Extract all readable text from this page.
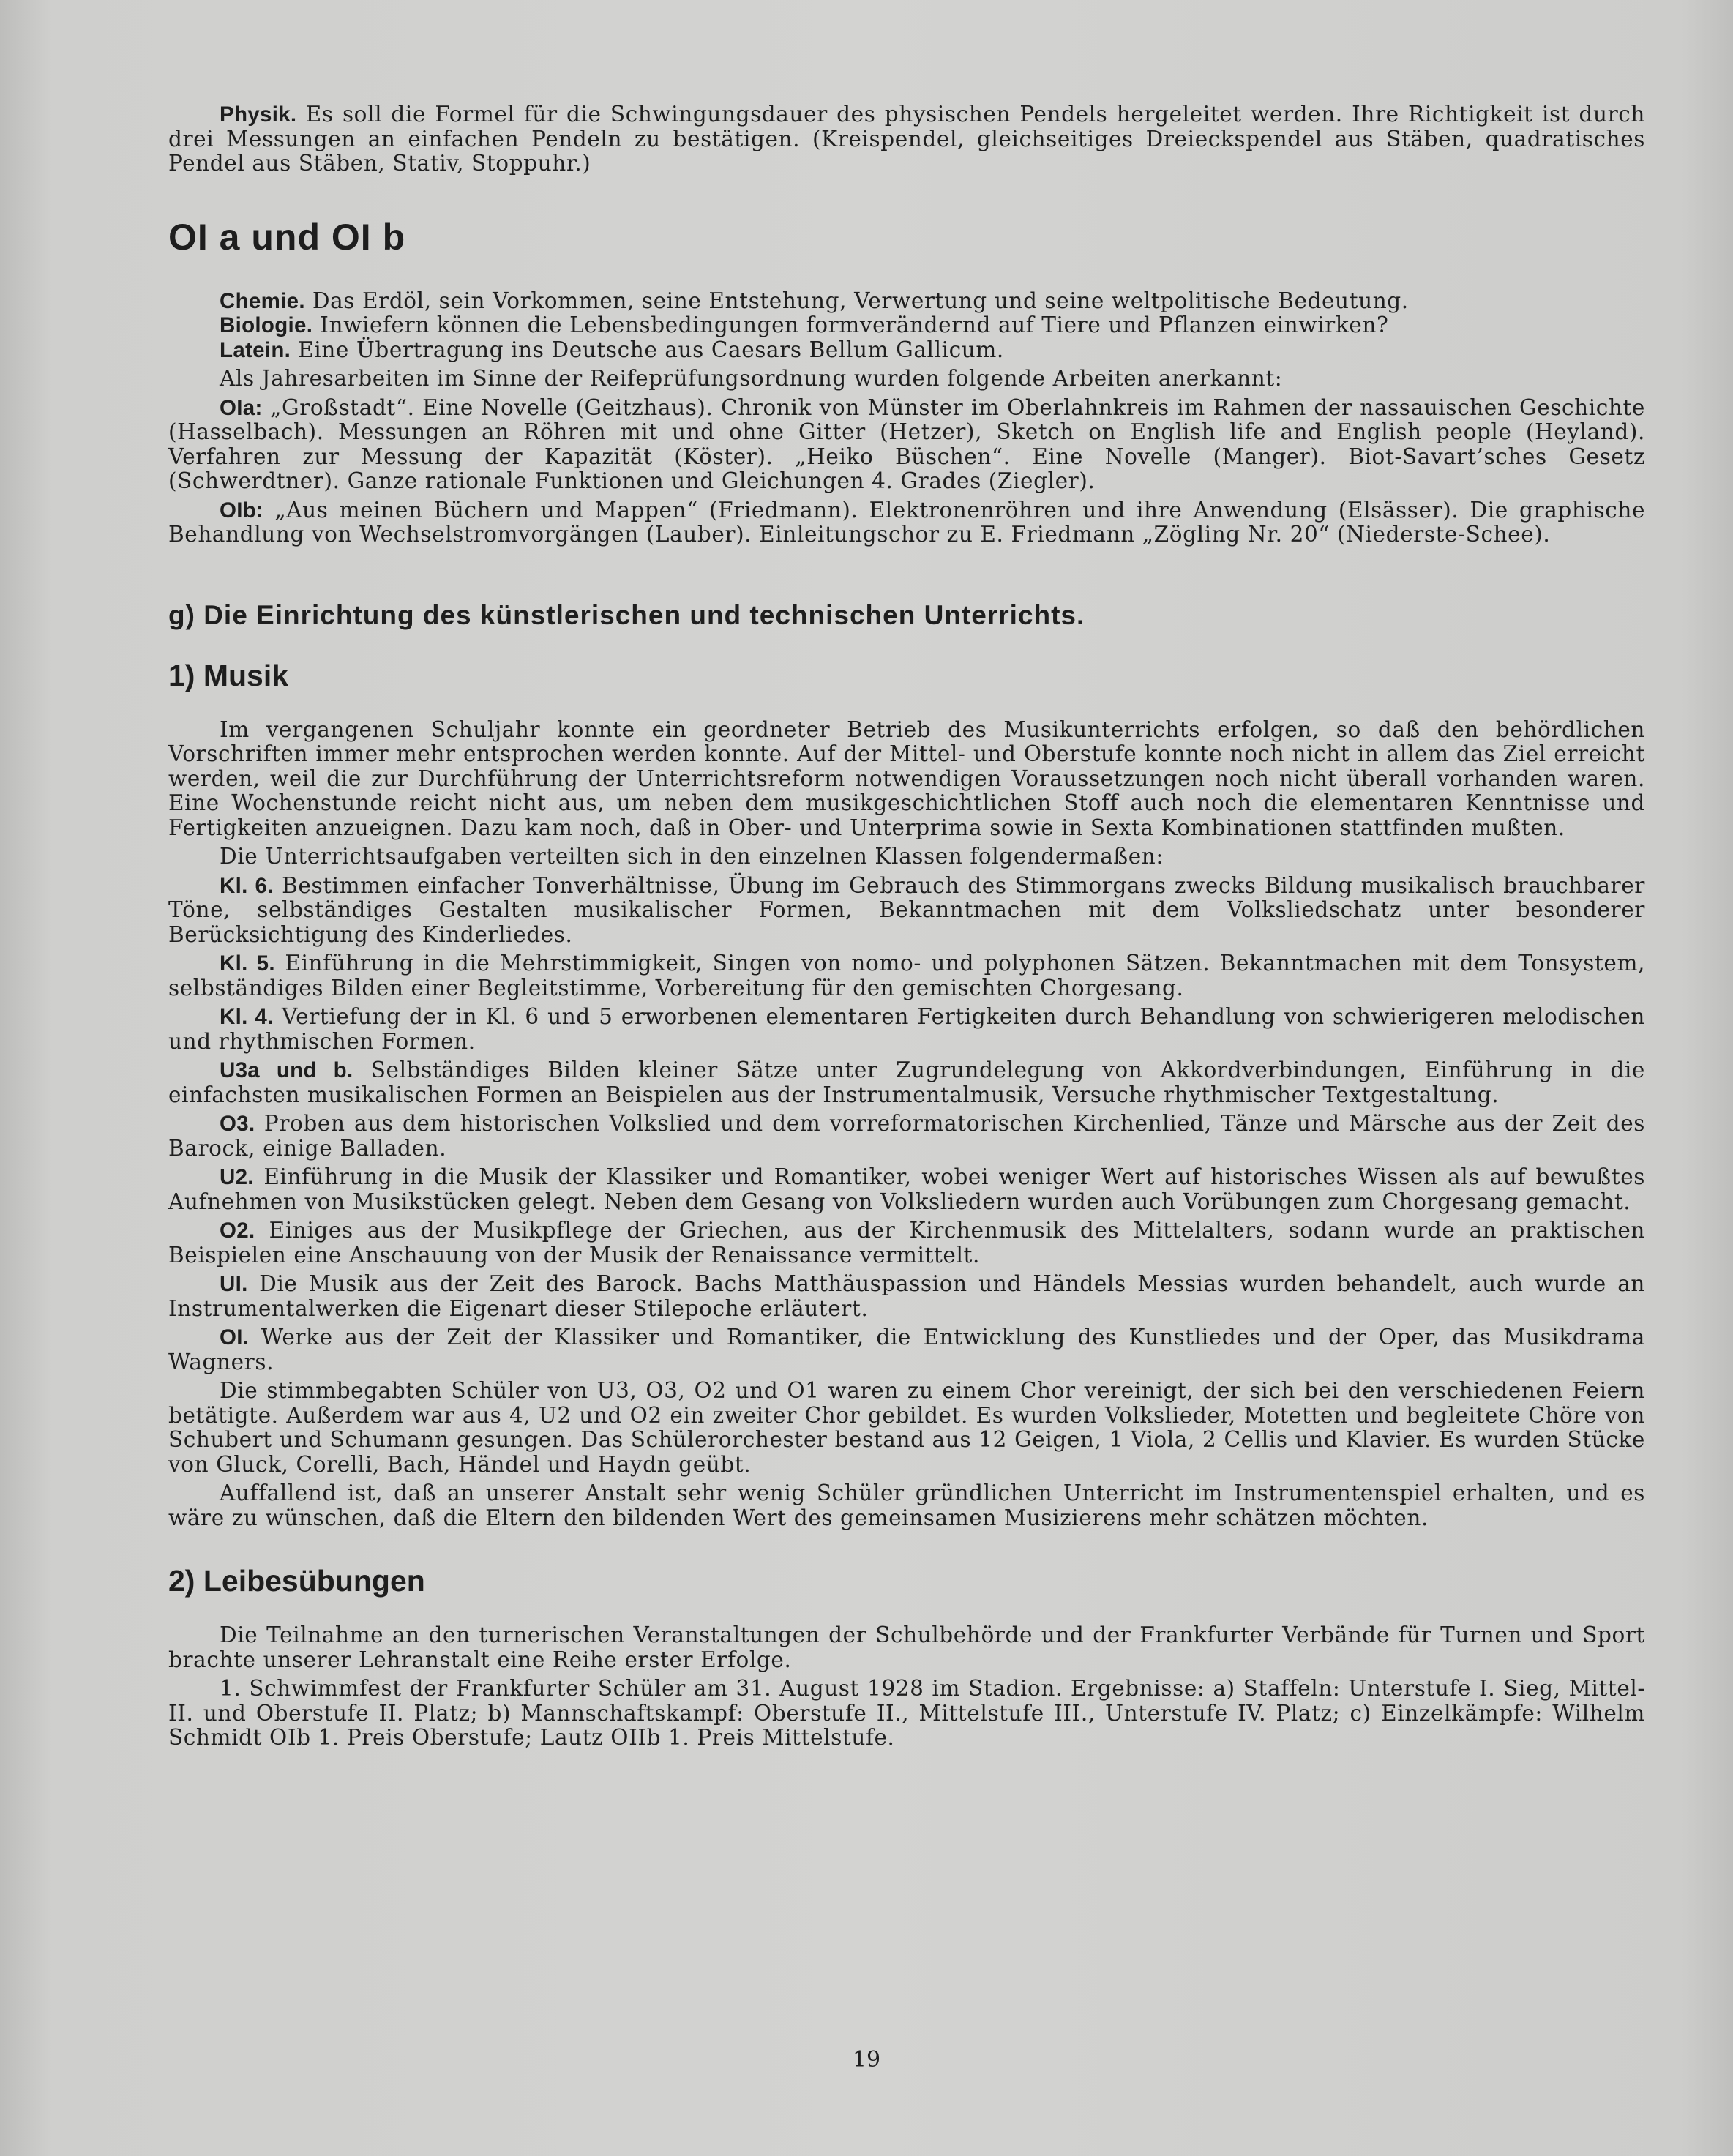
Physik. Es soll die Formel für die Schwingungsdauer des physischen Pendels hergeleitet werden. Ihre Richtigkeit ist durch drei Messungen an einfachen Pendeln zu bestätigen. (Kreispendel, gleichseitiges Dreieckspendel aus Stäben, quadratisches Pendel aus Stäben, Stativ, Stoppuhr.)

OI a und OI b

Chemie. Das Erdöl, sein Vorkommen, seine Entstehung, Verwertung und seine weltpolitische Bedeutung.

Biologie. Inwiefern können die Lebensbedingungen formverändernd auf Tiere und Pflanzen einwirken?

Latein. Eine Übertragung ins Deutsche aus Caesars Bellum Gallicum.

Als Jahresarbeiten im Sinne der Reifeprüfungsordnung wurden folgende Arbeiten anerkannt:

OIa: „Großstadt“. Eine Novelle (Geitzhaus). Chronik von Münster im Oberlahnkreis im Rahmen der nassauischen Geschichte (Hasselbach). Messungen an Röhren mit und ohne Gitter (Hetzer), Sketch on English life and English people (Heyland). Verfahren zur Messung der Kapazität (Köster). „Heiko Büschen“. Eine Novelle (Manger). Biot-Savart’sches Gesetz (Schwerdtner). Ganze rationale Funktionen und Gleichungen 4. Grades (Ziegler).

OIb: „Aus meinen Büchern und Mappen“ (Friedmann). Elektronenröhren und ihre Anwendung (Elsässer). Die graphische Behandlung von Wechselstromvorgängen (Lauber). Einleitungschor zu E. Friedmann „Zögling Nr. 20“ (Niederste-Schee).

g) Die Einrichtung des künstlerischen und technischen Unterrichts.
1) Musik

Im vergangenen Schuljahr konnte ein geordneter Betrieb des Musikunterrichts erfolgen, so daß den behördlichen Vorschriften immer mehr entsprochen werden konnte. Auf der Mittel- und Oberstufe konnte noch nicht in allem das Ziel erreicht werden, weil die zur Durchführung der Unterrichtsreform notwendigen Voraussetzungen noch nicht überall vorhanden waren. Eine Wochenstunde reicht nicht aus, um neben dem musikgeschichtlichen Stoff auch noch die elementaren Kenntnisse und Fertigkeiten anzueignen. Dazu kam noch, daß in Ober- und Unterprima sowie in Sexta Kombinationen stattfinden mußten.

Die Unterrichtsaufgaben verteilten sich in den einzelnen Klassen folgendermaßen:

Kl. 6. Bestimmen einfacher Tonverhältnisse, Übung im Gebrauch des Stimmorgans zwecks Bildung musikalisch brauchbarer Töne, selbständiges Gestalten musikalischer Formen, Bekanntmachen mit dem Volksliedschatz unter besonderer Berücksichtigung des Kinderliedes.

Kl. 5. Einführung in die Mehrstimmigkeit, Singen von nomo- und polyphonen Sätzen. Bekanntmachen mit dem Tonsystem, selbständiges Bilden einer Begleitstimme, Vorbereitung für den gemischten Chorgesang.

Kl. 4. Vertiefung der in Kl. 6 und 5 erworbenen elementaren Fertigkeiten durch Behandlung von schwierigeren melodischen und rhythmischen Formen.

U3a und b. Selbständiges Bilden kleiner Sätze unter Zugrundelegung von Akkordverbindungen, Einführung in die einfachsten musikalischen Formen an Beispielen aus der Instrumentalmusik, Versuche rhythmischer Textgestaltung.

O3. Proben aus dem historischen Volkslied und dem vorreformatorischen Kirchenlied, Tänze und Märsche aus der Zeit des Barock, einige Balladen.

U2. Einführung in die Musik der Klassiker und Romantiker, wobei weniger Wert auf historisches Wissen als auf bewußtes Aufnehmen von Musikstücken gelegt. Neben dem Gesang von Volksliedern wurden auch Vorübungen zum Chorgesang gemacht.

O2. Einiges aus der Musikpflege der Griechen, aus der Kirchenmusik des Mittelalters, sodann wurde an praktischen Beispielen eine Anschauung von der Musik der Renaissance vermittelt.

UI. Die Musik aus der Zeit des Barock. Bachs Matthäuspassion und Händels Messias wurden behandelt, auch wurde an Instrumentalwerken die Eigenart dieser Stilepoche erläutert.

OI. Werke aus der Zeit der Klassiker und Romantiker, die Entwicklung des Kunstliedes und der Oper, das Musikdrama Wagners.

Die stimmbegabten Schüler von U3, O3, O2 und O1 waren zu einem Chor vereinigt, der sich bei den verschiedenen Feiern betätigte. Außerdem war aus 4, U2 und O2 ein zweiter Chor gebildet. Es wurden Volkslieder, Motetten und begleitete Chöre von Schubert und Schumann gesungen. Das Schülerorchester bestand aus 12 Geigen, 1 Viola, 2 Cellis und Klavier. Es wurden Stücke von Gluck, Corelli, Bach, Händel und Haydn geübt.

Auffallend ist, daß an unserer Anstalt sehr wenig Schüler gründlichen Unterricht im Instrumentenspiel erhalten, und es wäre zu wünschen, daß die Eltern den bildenden Wert des gemeinsamen Musizierens mehr schätzen möchten.

2) Leibesübungen

Die Teilnahme an den turnerischen Veranstaltungen der Schulbehörde und der Frankfurter Verbände für Turnen und Sport brachte unserer Lehranstalt eine Reihe erster Erfolge.

1. Schwimmfest der Frankfurter Schüler am 31. August 1928 im Stadion. Ergebnisse: a) Staffeln: Unterstufe I. Sieg, Mittel- II. und Oberstufe II. Platz; b) Mannschaftskampf: Oberstufe II., Mittelstufe III., Unterstufe IV. Platz; c) Einzelkämpfe: Wilhelm Schmidt OIb 1. Preis Oberstufe; Lautz OIIb 1. Preis Mittelstufe.

19
